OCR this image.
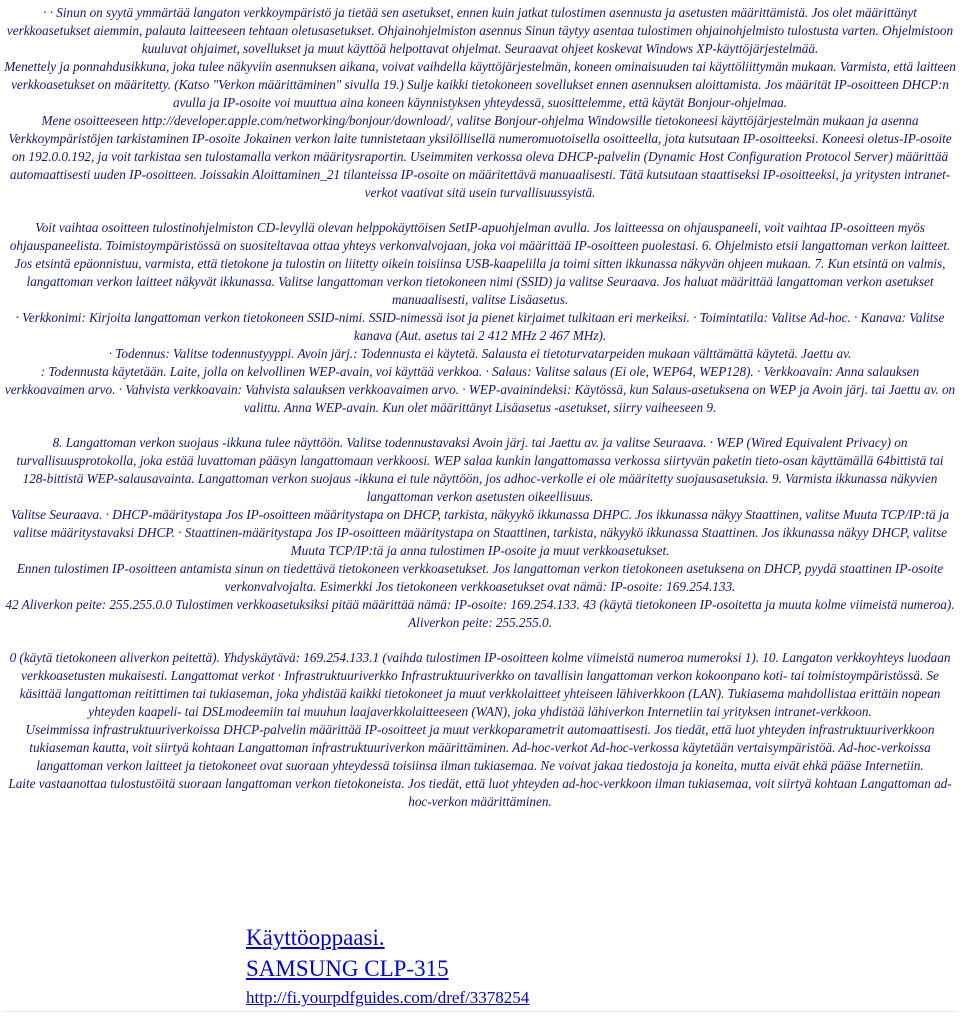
· · Sinun on syytä ymmärtää langaton verkkoympäristö ja tietää sen asetukset, ennen kuin jatkat tulostimen asennusta ja asetusten määrittämistä. Jos olet määrittänyt verkkoasetukset aiemmin, palauta laitteeseen tehtaan oletusasetukset. Ohjainohjelmiston asennus Sinun täytyy asentaa tulostimen ohjainohjelmisto tulostusta varten. Ohjelmistoon kuuluvat ohjaimet, sovellukset ja muut käyttöä helpottavat ohjelmat. Seuraavat ohjeet koskevat Windows XP-käyttöjärjestelmää.

Menettely ja ponnahdusikkuna, joka tulee näkyviin asennuksen aikana, voivat vaihdella käyttöjärjestelmän, koneen ominaisuuden tai käyttöliittymän mukaan. Varmista, että laitteen verkkoasetukset on määritetty. (Katso "Verkon määrittäminen" sivulla 19.) Sulje kaikki tietokoneen sovellukset ennen asennuksen aloittamista. Jos määrität IP-osoitteen DHCP:n avulla ja IP-osoite voi muuttua aina koneen käynnistyksen yhteydessä, suosittelemme, että käytät Bonjour-ohjelmaa.

Mene osoitteeseen http://developer.apple.com/networking/bonjour/download/, valitse Bonjour-ohjelma Windowsille tietokoneesi käyttöjärjestelmän mukaan ja asenna Verkkoympäristöjen tarkistaminen IP-osoite Jokainen verkon laite tunnistetaan yksilöllisellä numeromuotoisella osoitteella, jota kutsutaan IP-osoitteeksi. Koneesi oletus-IP-osoite on 192.0.0.192, ja voit tarkistaa sen tulostamalla verkon määritysraportin. Useimmiten verkossa oleva DHCP-palvelin (Dynamic Host Configuration Protocol Server) määrittää automaattisesti uuden IP-osoitteen. Joissakin Aloittaminen_21 tilanteissa IP-osoite on määritettävä manuaalisesti. Tätä kutsutaan staattiseksi IP-osoitteeksi, ja yritysten intranet-verkot vaativat sitä usein turvallisuussyistä.

Voit vaihtaa osoitteen tulostinohjelmiston CD-levyllä olevan helppokäyttöisen SetIP-apuohjelman avulla. Jos laitteessa on ohjauspaneeli, voit vaihtaa IP-osoitteen myös ohjauspaneelista. Toimistoympäristössä on suositeltavaa ottaa yhteys verkonvalvojaan, joka voi määrittää IP-osoitteen puolestasi. 6. Ohjelmisto etsii langattoman verkon laitteet. Jos etsintä epäonnistuu, varmista, että tietokone ja tulostin on liitetty oikein toisiinsa USB-kaapelilla ja toimi sitten ikkunassa näkyvän ohjeen mukaan. 7. Kun etsintä on valmis, langattoman verkon laitteet näkyvät ikkunassa. Valitse langattoman verkon tietokoneen nimi (SSID) ja valitse Seuraava. Jos haluat määrittää langattoman verkon asetukset manuaalisesti, valitse Lisäasetus.

· Verkkonimi: Kirjoita langattoman verkon tietokoneen SSID-nimi. SSID-nimessä isot ja pienet kirjaimet tulkitaan eri merkeiksi. · Toimintatila: Valitse Ad-hoc. · Kanava: Valitse kanava (Aut. asetus tai 2 412 MHz 2 467 MHz).

· Todennus: Valitse todennustyyppi. Avoin järj.: Todennusta ei käytetä. Salausta ei tietoturvatarpeiden mukaan välttämättä käytetä. Jaettu av.

: Todennusta käytetään. Laite, jolla on kelvollinen WEP-avain, voi käyttää verkkoa. · Salaus: Valitse salaus (Ei ole, WEP64, WEP128). · Verkkoavain: Anna salauksen verkkoavaimen arvo. · Vahvista verkkoavain: Vahvista salauksen verkkoavaimen arvo. · WEP-avainindeksi: Käytössä, kun Salaus-asetuksena on WEP ja Avoin järj. tai Jaettu av. on valittu. Anna WEP-avain. Kun olet määrittänyt Lisäasetus -asetukset, siirry vaiheeseen 9.

8. Langattoman verkon suojaus -ikkuna tulee näyttöön. Valitse todennustavaksi Avoin järj. tai Jaettu av. ja valitse Seuraava. · WEP (Wired Equivalent Privacy) on turvallisuusprotokolla, joka estää luvattoman pääsyn langattomaan verkkoosi. WEP salaa kunkin langattomassa verkossa siirtyvän paketin tieto-osan käyttämällä 64bittistä tai 128-bittistä WEP-salausavainta. Langattoman verkon suojaus -ikkuna ei tule näyttöön, jos adhoc-verkolle ei ole määritetty suojausasetuksia. 9. Varmista ikkunassa näkyvien langattoman verkon asetusten oikeellisuus.

Valitse Seuraava. · DHCP-määritystapa Jos IP-osoitteen määritystapa on DHCP, tarkista, näkyykö ikkunassa DHPC. Jos ikkunassa näkyy Staattinen, valitse Muuta TCP/IP:tä ja valitse määritystavaksi DHCP. · Staattinen-määritystapa Jos IP-osoitteen määritystapa on Staattinen, tarkista, näkyykö ikkunassa Staattinen. Jos ikkunassa näkyy DHCP, valitse Muuta TCP/IP:tä ja anna tulostimen IP-osoite ja muut verkkoasetukset.

Ennen tulostimen IP-osoitteen antamista sinun on tiedettävä tietokoneen verkkoasetukset. Jos langattoman verkon tietokoneen asetuksena on DHCP, pyydä staattinen IP-osoite verkonvalvojalta. Esimerkki Jos tietokoneen verkkoasetukset ovat nämä: IP-osoite: 169.254.133.

42 Aliverkon peite: 255.255.0.0 Tulostimen verkkoasetuksiksi pitää määrittää nämä: IP-osoite: 169.254.133. 43 (käytä tietokoneen IP-osoitetta ja muuta kolme viimeistä numeroa). Aliverkon peite: 255.255.0.

0 (käytä tietokoneen aliverkon peitettä). Yhdyskäytävä: 169.254.133.1 (vaihda tulostimen IP-osoitteen kolme viimeistä numeroa numeroksi 1). 10. Langaton verkkoyhteys luodaan verkkoasetusten mukaisesti. Langattomat verkot · Infrastruktuuriverkko Infrastruktuuriverkko on tavallisin langattoman verkon kokoonpano koti- tai toimistoympäristössä. Se käsittää langattoman reitittimen tai tukiaseman, joka yhdistää kaikki tietokoneet ja muut verkkolaitteet yhteiseen lähiverkkoon (LAN). Tukiasema mahdollistaa erittäin nopean yhteyden kaapeli- tai DSLmodeemiin tai muuhun laajaverkkolaitteeseen (WAN), joka yhdistää lähiverkon Internetiin tai yrityksen intranet-verkkoon.

Useimmissa infrastruktuuriverkoissa DHCP-palvelin määrittää IP-osoitteet ja muut verkkoparametrit automaattisesti. Jos tiedät, että luot yhteyden infrastruktuuriverkkoon tukiaseman kautta, voit siirtyä kohtaan Langattoman infrastruktuuriverkon määrittäminen. Ad-hoc-verkot Ad-hoc-verkossa käytetään vertaisympäristöä. Ad-hoc-verkoissa langattoman verkon laitteet ja tietokoneet ovat suoraan yhteydessä toisiinsa ilman tukiasemaa. Ne voivat jakaa tiedostoja ja koneita, mutta eivät ehkä pääse Internetiin.

Laite vastaanottaa tulostustöitä suoraan langattoman verkon tietokoneista. Jos tiedät, että luot yhteyden ad-hoc-verkkoon ilman tukiasemaa, voit siirtyä kohtaan Langattoman ad-hoc-verkon määrittäminen.

Käyttöoppaasi.
SAMSUNG CLP-315
http://fi.yourpdfguides.com/dref/3378254
